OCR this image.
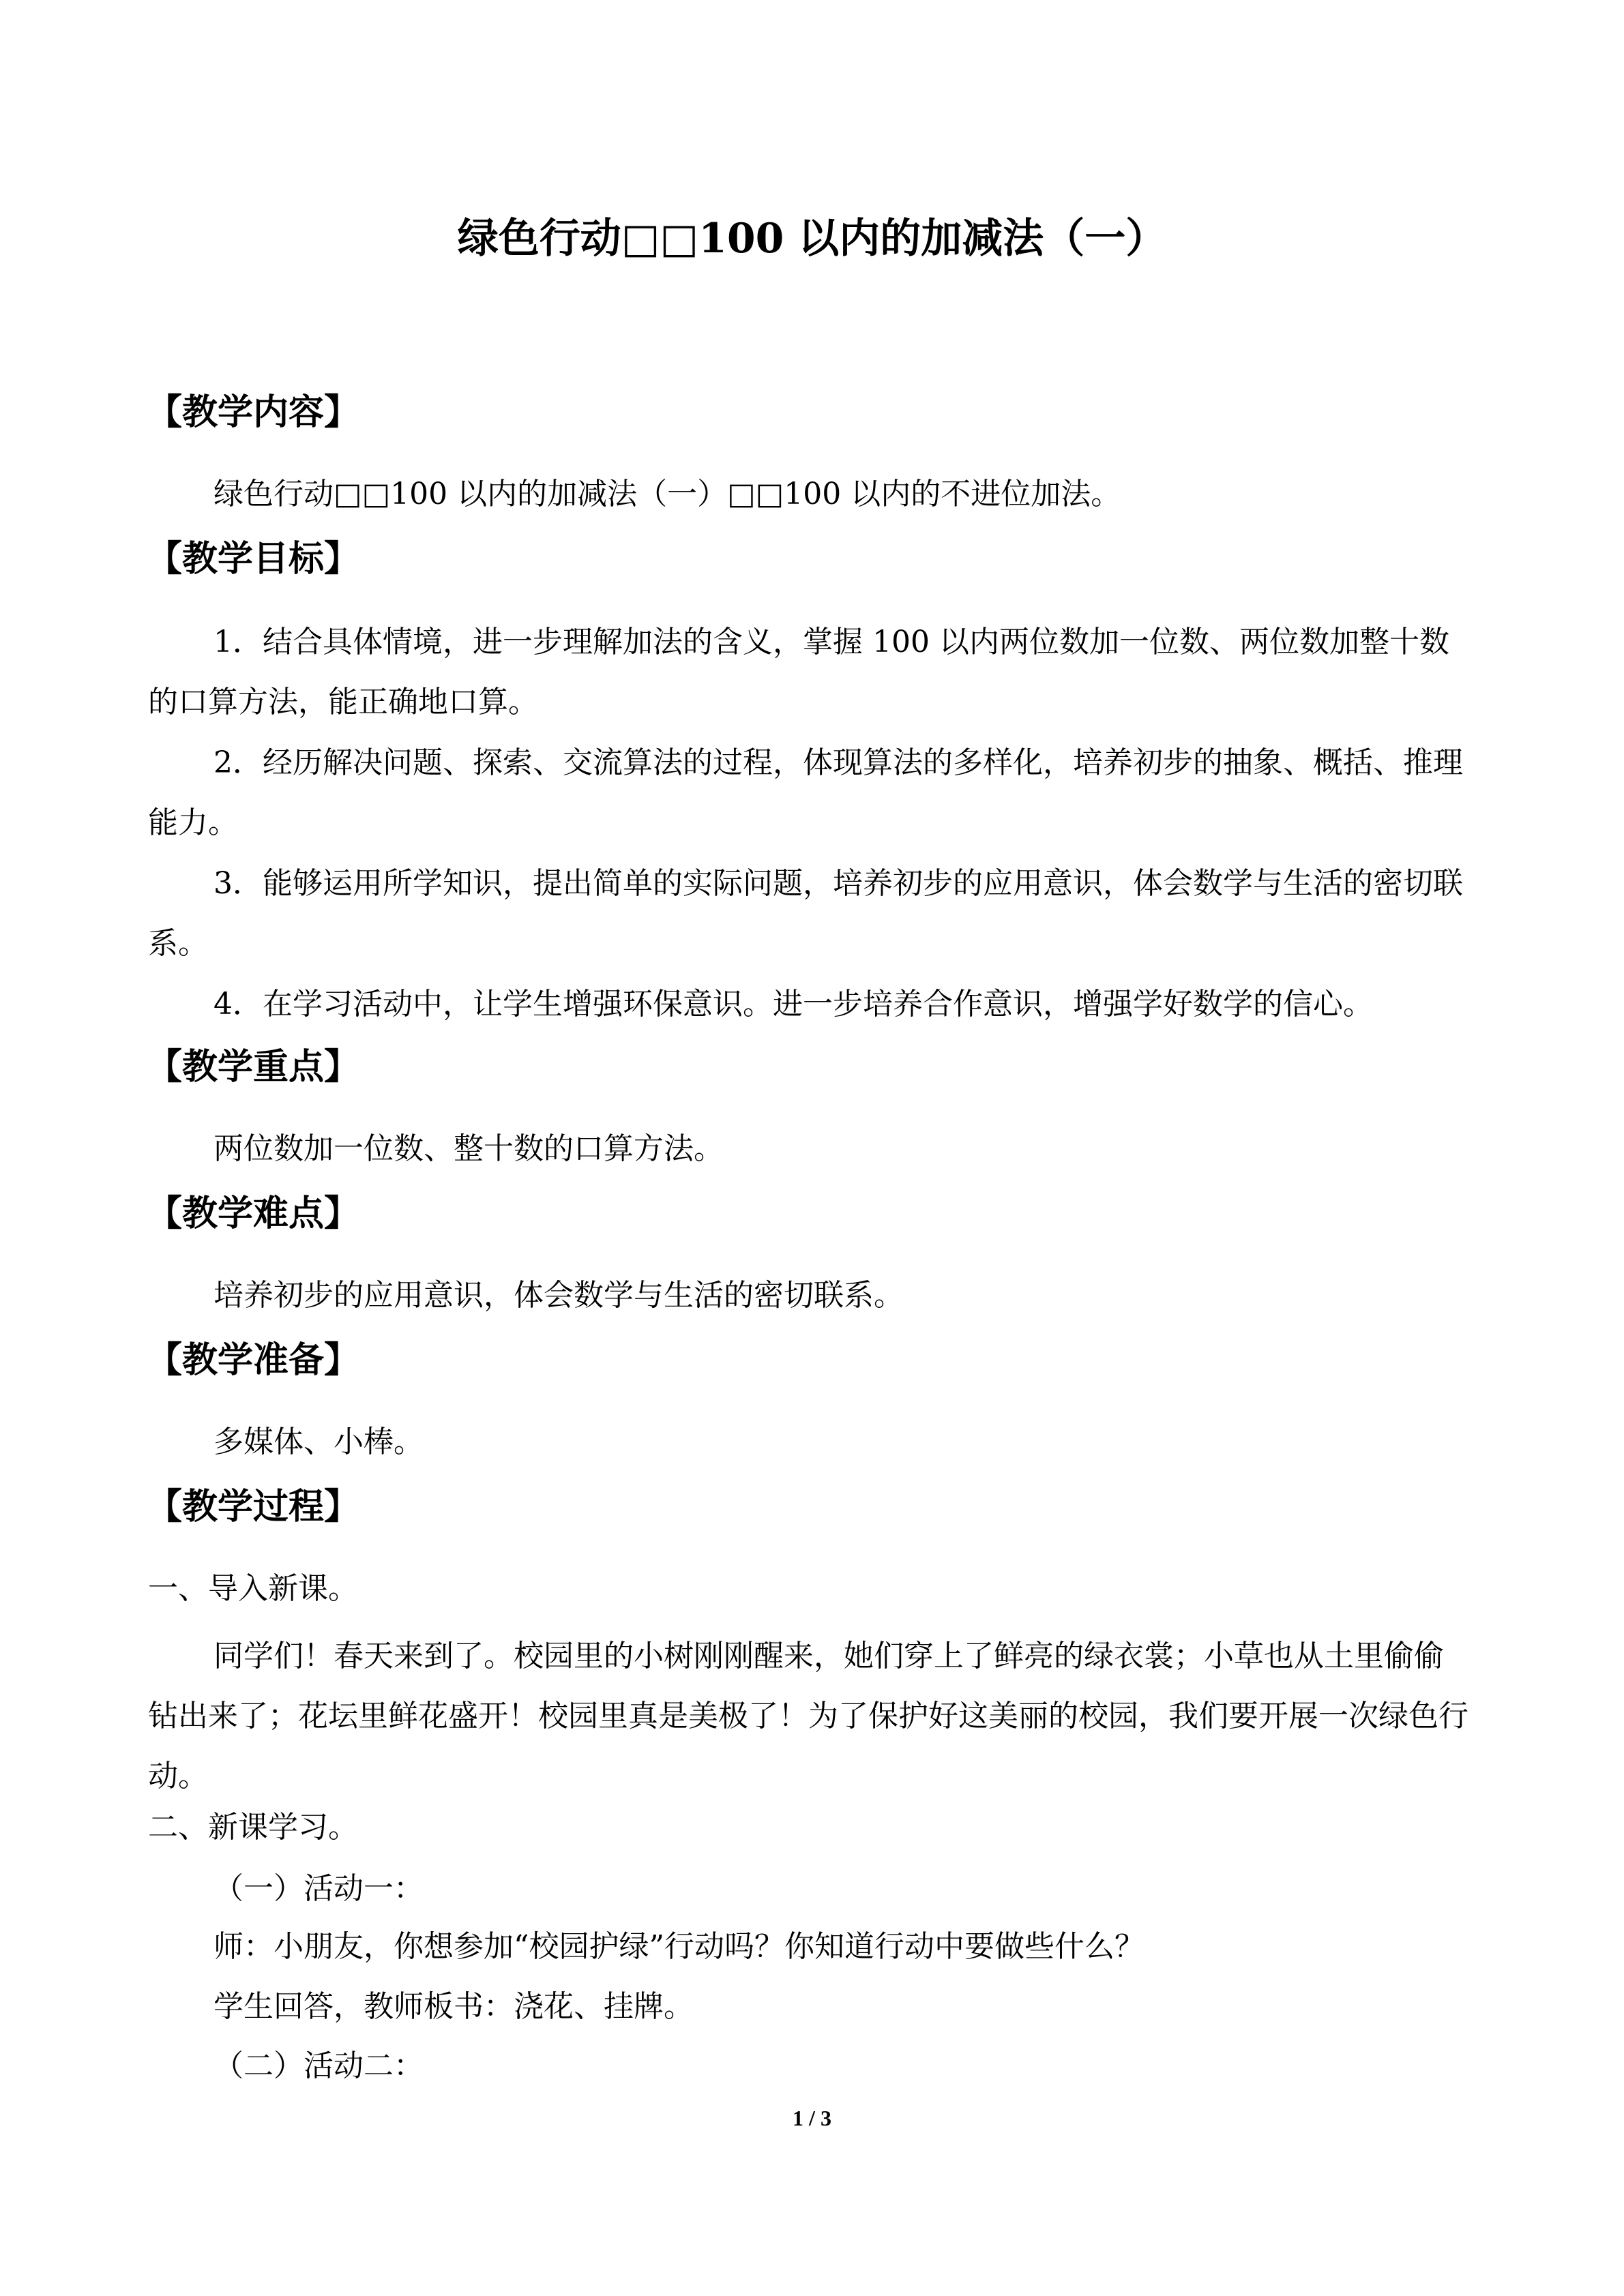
绿色行动□□100 以内的加减法（一）
【教学内容】
绿色行动□□100 以内的加减法（一）□□100 以内的不进位加法。
【教学目标】
1．结合具体情境，进一步理解加法的含义，掌握 100 以内两位数加一位数、两位数加整十数的口算方法，能正确地口算。
2．经历解决问题、探索、交流算法的过程，体现算法的多样化，培养初步的抽象、概括、推理能力。
3．能够运用所学知识，提出简单的实际问题，培养初步的应用意识，体会数学与生活的密切联系。
4．在学习活动中，让学生增强环保意识。进一步培养合作意识，增强学好数学的信心。
【教学重点】
两位数加一位数、整十数的口算方法。
【教学难点】
培养初步的应用意识，体会数学与生活的密切联系。
【教学准备】
多媒体、小棒。
【教学过程】
一、导入新课。
同学们！春天来到了。校园里的小树刚刚醒来，她们穿上了鲜亮的绿衣裳；小草也从土里偷偷钻出来了；花坛里鲜花盛开！校园里真是美极了！为了保护好这美丽的校园，我们要开展一次绿色行动。
二、新课学习。
（一）活动一：
师：小朋友，你想参加“校园护绿”行动吗？你知道行动中要做些什么？
学生回答，教师板书：浇花、挂牌。
（二）活动二：
1 / 3
